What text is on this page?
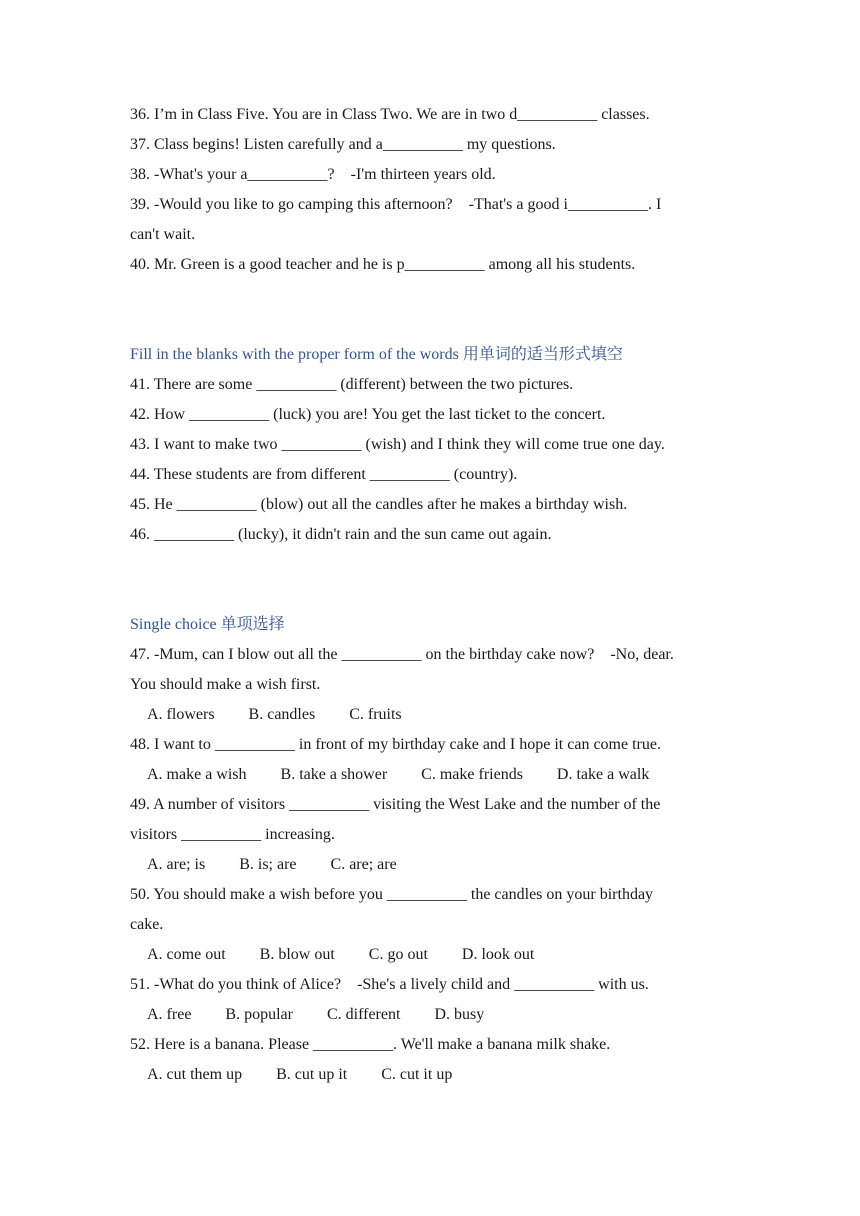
36. I’m in Class Five. You are in Class Two. We are in two d__________ classes.
37. Class begins! Listen carefully and a__________ my questions.
38. -What's your a__________?    -I'm thirteen years old.
39. -Would you like to go camping this afternoon?    -That's a good i__________. I
can't wait.
40. Mr. Green is a good teacher and he is p__________ among all his students.
Fill in the blanks with the proper form of the words 用单词的适当形式填空
41. There are some __________ (different) between the two pictures.
42. How __________ (luck) you are! You get the last ticket to the concert.
43. I want to make two __________ (wish) and I think they will come true one day.
44. These students are from different __________ (country).
45. He __________ (blow) out all the candles after he makes a birthday wish.
46. __________ (lucky), it didn't rain and the sun came out again.
Single choice 单项选择
47. -Mum, can I blow out all the __________ on the birthday cake now?    -No, dear.
You should make a wish first.
A. flowers B. candles C. fruits
48. I want to __________ in front of my birthday cake and I hope it can come true.
A. make a wish B. take a shower C. make friends D. take a walk
49. A number of visitors __________ visiting the West Lake and the number of the
visitors __________ increasing.
A. are; is B. is; are C. are; are
50. You should make a wish before you __________ the candles on your birthday
cake.
A. come out B. blow out C. go out D. look out
51. -What do you think of Alice?    -She's a lively child and __________ with us.
A. free B. popular C. different D. busy
52. Here is a banana. Please __________. We'll make a banana milk shake.
A. cut them up B. cut up it C. cut it up
